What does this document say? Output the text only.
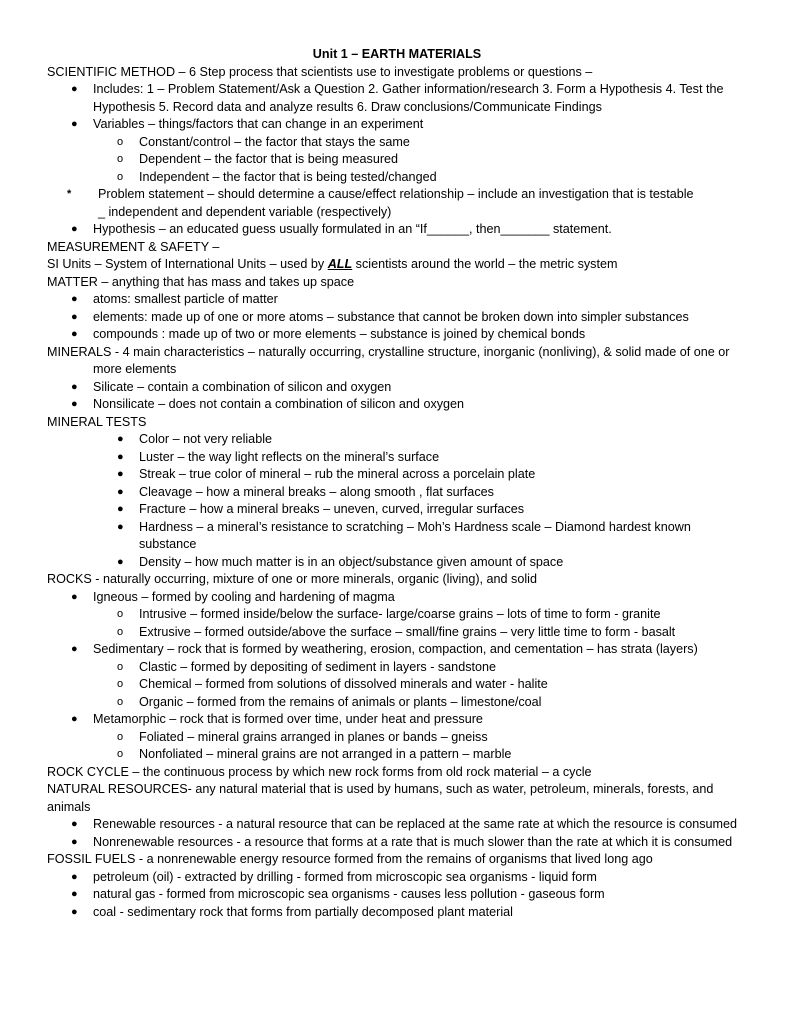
Unit 1 – EARTH MATERIALS
SCIENTIFIC METHOD – 6 Step process that scientists use to investigate problems or questions –
● Includes: 1 – Problem Statement/Ask a Question 2. Gather information/research 3. Form a Hypothesis 4. Test the Hypothesis 5. Record data and analyze results 6. Draw conclusions/Communicate Findings
● Variables – things/factors that can change in an experiment
o Constant/control – the factor that stays the same
o Dependent – the factor that is being measured
o Independent – the factor that is being tested/changed
* Problem statement – should determine a cause/effect relationship – include an investigation that is testable
_ independent and dependent variable (respectively)
● Hypothesis – an educated guess usually formulated in an “If______, then_______ statement.
MEASUREMENT & SAFETY –
SI Units – System of International Units – used by ALL scientists around the world – the metric system
MATTER – anything that has mass and takes up space
● atoms: smallest particle of matter
● elements: made up of one or more atoms – substance that cannot be broken down into simpler substances
● compounds : made up of two or more elements – substance is joined by chemical bonds
MINERALS - 4 main characteristics – naturally occurring, crystalline structure, inorganic (nonliving), & solid made of one or more elements
● Silicate – contain a combination of silicon and oxygen
● Nonsilicate – does not contain a combination of silicon and oxygen
MINERAL TESTS
● Color – not very reliable
● Luster – the way light reflects on the mineral’s surface
● Streak – true color of mineral – rub the mineral across a porcelain plate
● Cleavage – how a mineral breaks – along smooth , flat surfaces
● Fracture – how a mineral breaks – uneven, curved, irregular surfaces
● Hardness – a mineral’s resistance to scratching – Moh’s Hardness scale – Diamond hardest known substance
● Density – how much matter is in an object/substance given amount of space
ROCKS - naturally occurring, mixture of one or more minerals, organic (living), and solid
● Igneous – formed by cooling and hardening of magma
o Intrusive – formed inside/below the surface- large/coarse grains – lots of time to form - granite
o Extrusive – formed outside/above the surface – small/fine grains – very little time to form - basalt
● Sedimentary – rock that is formed by weathering, erosion, compaction, and cementation – has strata (layers)
o Clastic – formed by depositing of sediment in layers - sandstone
o Chemical – formed from solutions of dissolved minerals and water - halite
o Organic – formed from the remains of animals or plants – limestone/coal
● Metamorphic – rock that is formed over time, under heat and pressure
o Foliated – mineral grains arranged in planes or bands – gneiss
o Nonfoliated – mineral grains are not arranged in a pattern – marble
ROCK CYCLE – the continuous process by which new rock forms from old rock material – a cycle
NATURAL RESOURCES- any natural material that is used by humans, such as water, petroleum, minerals, forests, and animals
● Renewable resources - a natural resource that can be replaced at the same rate at which the resource is consumed
● Nonrenewable resources - a resource that forms at a rate that is much slower than the rate at which it is consumed
FOSSIL FUELS - a nonrenewable energy resource formed from the remains of organisms that lived long ago
● petroleum (oil) - extracted by drilling - formed from microscopic sea organisms - liquid form
● natural gas - formed from microscopic sea organisms - causes less pollution - gaseous form
● coal - sedimentary rock that forms from partially decomposed plant material
